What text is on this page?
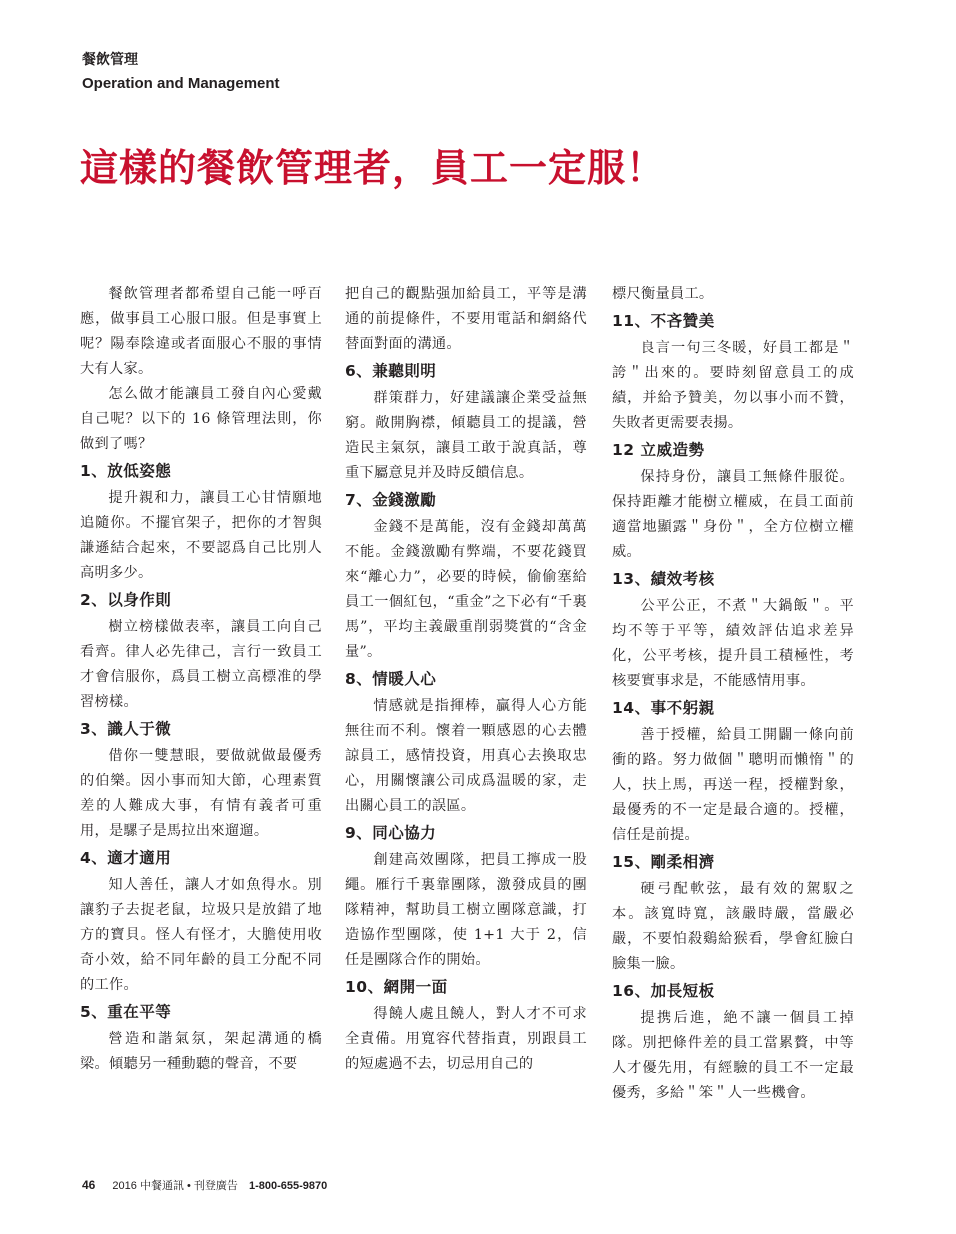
餐飲管理
Operation and Management
這樣的餐飲管理者，員工一定服！

餐飲管理者都希望自己能一呼百應，做事員工心服口服。但是事實上呢？陽奉陰違或者面服心不服的事情大有人家。

怎么做才能讓員工發自內心愛戴自己呢？以下的 16 條管理法則，你做到了嗎？

1、放低姿態

提升親和力，讓員工心甘情願地追隨你。不擺官架子，把你的才智與謙遜結合起來，不要認爲自己比別人高明多少。

2、以身作則

樹立榜樣做表率，讓員工向自己看齊。律人必先律己，言行一致員工才會信服你，爲員工樹立高標准的學習榜樣。

3、識人于微

借你一雙慧眼，要做就做最優秀的伯樂。因小事而知大節，心理素質差的人難成大事，有情有義者可重用，是騾子是馬拉出來遛遛。

4、適才適用

知人善任，讓人才如魚得水。別讓豹子去捉老鼠，垃圾只是放錯了地方的寶貝。怪人有怪才，大膽使用收奇小效，給不同年齡的員工分配不同的工作。

5、重在平等

營造和諧氣氛，架起溝通的橋梁。傾聽另一種動聽的聲音，不要

把自己的觀點强加給員工，平等是溝通的前提條件，不要用電話和網絡代替面對面的溝通。

6、兼聽則明

群策群力，好建議讓企業受益無窮。敞開胸襟，傾聽員工的提議，營造民主氣氛，讓員工敢于說真話，尊重下屬意見并及時反饋信息。

7、金錢激勵

金錢不是萬能，沒有金錢却萬萬不能。金錢激勵有弊端，不要花錢買來“離心力”，必要的時候，偷偷塞給員工一個紅包，“重金”之下必有“千裏馬”，平均主義嚴重削弱獎賞的“含金量”。

8、情暖人心

情感就是指揮棒，贏得人心方能無往而不利。懷着一顆感恩的心去體諒員工，感情投資，用真心去換取忠心，用關懷讓公司成爲温暖的家，走出關心員工的誤區。

9、同心協力

創建高效團隊，把員工擰成一股繩。雁行千裏靠團隊，激發成員的團隊精神，幫助員工樹立團隊意識，打造協作型團隊，使 1+1 大于 2，信任是團隊合作的開始。

10、網開一面

得饒人處且饒人，對人才不可求全責備。用寬容代替指責，別跟員工的短處過不去，切忌用自己的

標尺衡量員工。

11、不吝贊美

良言一句三冬暖，好員工都是＂誇＂出來的。要時刻留意員工的成績，并給予贊美，勿以事小而不贊，失敗者更需要表揚。

12 立威造勢

保持身份，讓員工無條件服從。保持距離才能樹立權威，在員工面前適當地顯露＂身份＂，全方位樹立權威。

13、績效考核

公平公正，不煮＂大鍋飯＂。平均不等于平等，績效評估追求差异化，公平考核，提升員工積極性，考核要實事求是，不能感情用事。

14、事不躬親

善于授權，給員工開闢一條向前衝的路。努力做個＂聰明而懶惰＂的人，扶上馬，再送一程，授權對象，最優秀的不一定是最合適的。授權，信任是前提。

15、剛柔相濟

硬弓配軟弦，最有效的駕馭之本。該寬時寬，該嚴時嚴，當嚴必嚴，不要怕殺鷄給猴看，學會紅臉白臉集一臉。

16、加長短板

提携后進，絶不讓一個員工掉隊。別把條件差的員工當累贅，中等人才優先用，有經驗的員工不一定最優秀，多給＂笨＂人一些機會。

46 2016 中餐通訊 • 刊登廣告 1-800-655-9870
